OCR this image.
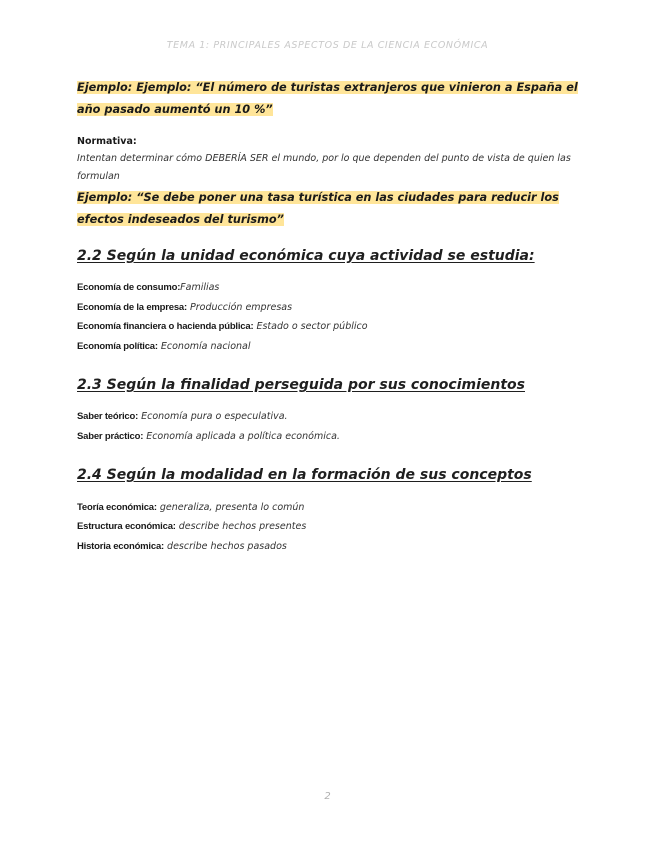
TEMA 1: PRINCIPALES ASPECTOS DE LA CIENCIA ECONÓMICA
Ejemplo: Ejemplo: “El número de turistas extranjeros que vinieron a España el año pasado aumentó un 10 %”
Normativa:
Intentan determinar cómo DEBERÍA SER el mundo, por lo que dependen del punto de vista de quien las formulan
Ejemplo: “Se debe poner una tasa turística en las ciudades para reducir los efectos indeseados del turismo”
2.2 Según la unidad económica cuya actividad se estudia:
Economía de consumo:Familias
Economía de la empresa: Producción empresas
Economía financiera o hacienda pública: Estado o sector público
Economía política: Economía nacional
2.3 Según la finalidad perseguida por sus conocimientos
Saber teórico: Economía pura o especulativa.
Saber práctico: Economía aplicada a política económica.
2.4 Según la modalidad en la formación de sus conceptos
Teoría económica: generaliza, presenta lo común
Estructura económica: describe hechos presentes
Historia económica: describe hechos pasados
2
